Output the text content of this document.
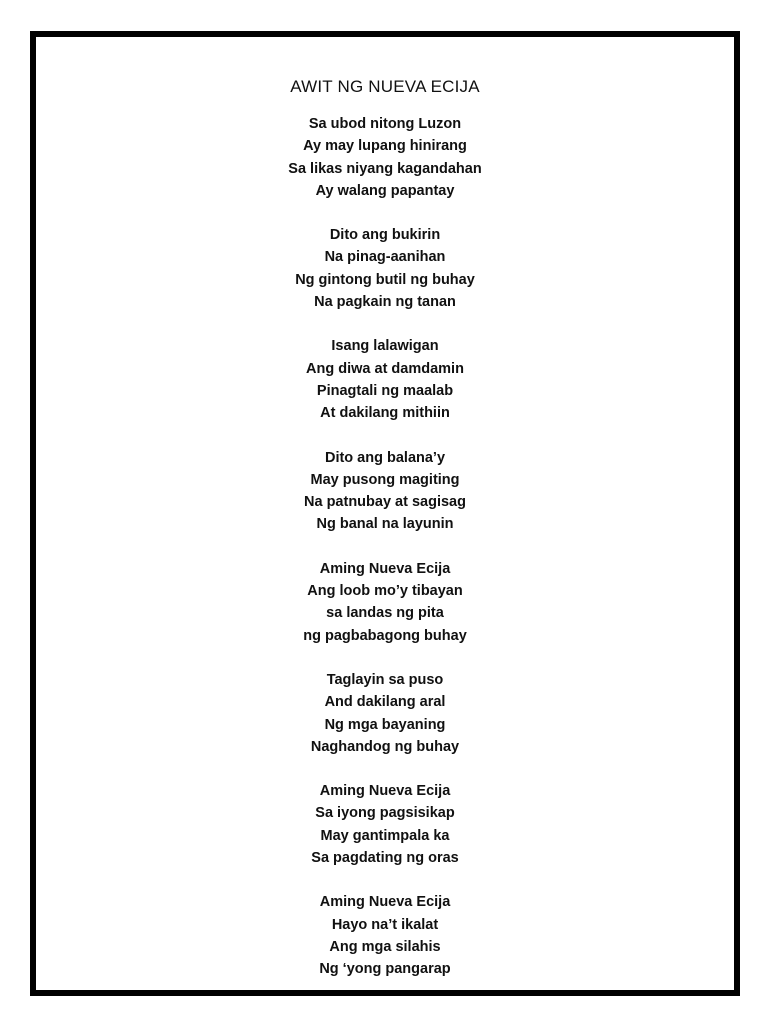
AWIT NG NUEVA ECIJA
Sa ubod nitong Luzon
Ay may lupang hinirang
Sa likas niyang kagandahan
Ay walang papantay
Dito ang bukirin
Na pinag-aanihan
Ng gintong butil ng buhay
Na pagkain ng tanan
Isang lalawigan
Ang diwa at damdamin
Pinagtali ng maalab
At dakilang mithiin
Dito ang balana’y
May pusong magiting
Na patnubay at sagisag
Ng banal na layunin
Aming Nueva Ecija
Ang loob mo’y tibayan
sa landas ng pita
ng pagbabagong buhay
Taglayin sa puso
And dakilang aral
Ng mga bayaning
Naghandog ng buhay
Aming Nueva Ecija
Sa iyong pagsisikap
May gantimpala ka
Sa pagdating ng oras
Aming Nueva Ecija
Hayo na’t ikalat
Ang mga silahis
Ng ‘yong pangarap
